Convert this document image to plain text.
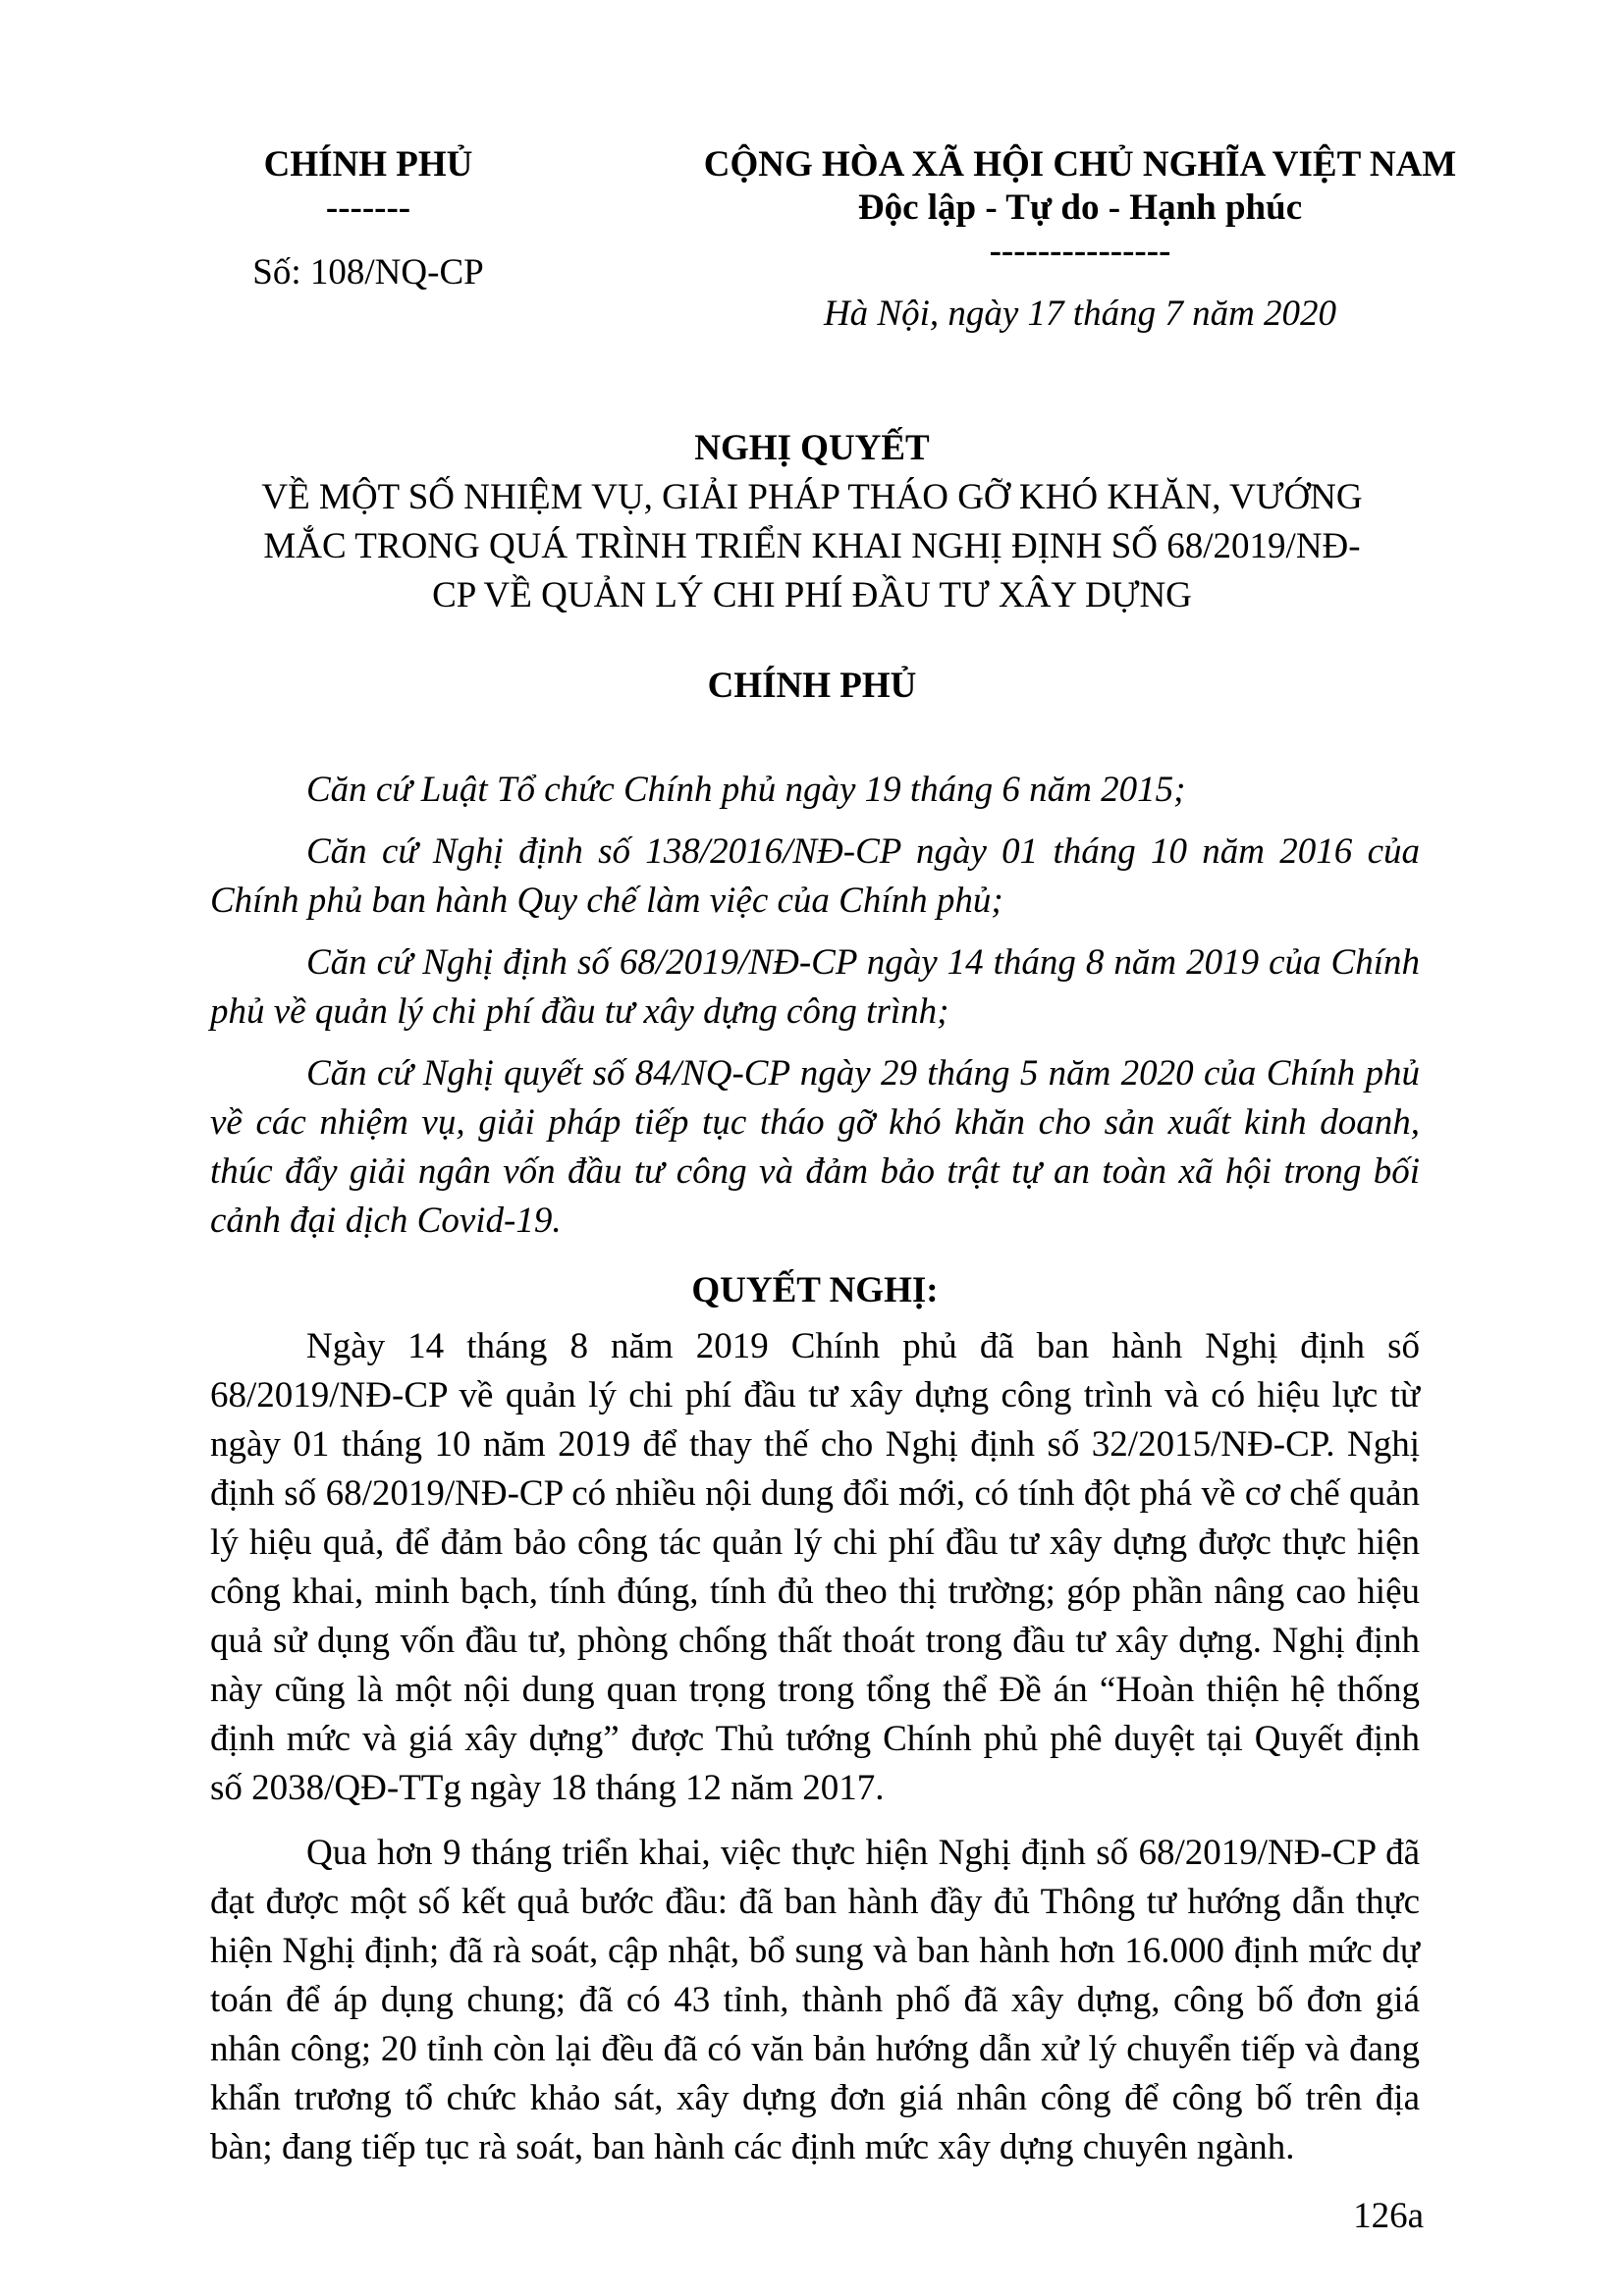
CHÍNH PHỦ
-------
Số: 108/NQ-CP
CỘNG HÒA XÃ HỘI CHỦ NGHĨA VIỆT NAM
Độc lập - Tự do - Hạnh phúc
---------------
Hà Nội, ngày 17 tháng 7 năm 2020
NGHỊ QUYẾT
VỀ MỘT SỐ NHIỆM VỤ, GIẢI PHÁP THÁO GỠ KHÓ KHĂN, VƯỚNG
MẮC TRONG QUÁ TRÌNH TRIỂN KHAI NGHỊ ĐỊNH SỐ 68/2019/NĐ-
CP VỀ QUẢN LÝ CHI PHÍ ĐẦU TƯ XÂY DỰNG
CHÍNH PHỦ

Căn cứ Luật Tổ chức Chính phủ ngày 19 tháng 6 năm 2015;

Căn cứ Nghị định số 138/2016/NĐ-CP ngày 01 tháng 10 năm 2016 của Chính phủ ban hành Quy chế làm việc của Chính phủ;

Căn cứ Nghị định số 68/2019/NĐ-CP ngày 14 tháng 8 năm 2019 của Chính phủ về quản lý chi phí đầu tư xây dựng công trình;

Căn cứ Nghị quyết số 84/NQ-CP ngày 29 tháng 5 năm 2020 của Chính phủ về các nhiệm vụ, giải pháp tiếp tục tháo gỡ khó khăn cho sản xuất kinh doanh, thúc đẩy giải ngân vốn đầu tư công và đảm bảo trật tự an toàn xã hội trong bối cảnh đại dịch Covid-19.

QUYẾT NGHỊ:

Ngày 14 tháng 8 năm 2019 Chính phủ đã ban hành Nghị định số 68/2019/NĐ-CP về quản lý chi phí đầu tư xây dựng công trình và có hiệu lực từ ngày 01 tháng 10 năm 2019 để thay thế cho Nghị định số 32/2015/NĐ-CP. Nghị định số 68/2019/NĐ-CP có nhiều nội dung đổi mới, có tính đột phá về cơ chế quản lý hiệu quả, để đảm bảo công tác quản lý chi phí đầu tư xây dựng được thực hiện công khai, minh bạch, tính đúng, tính đủ theo thị trường; góp phần nâng cao hiệu quả sử dụng vốn đầu tư, phòng chống thất thoát trong đầu tư xây dựng. Nghị định này cũng là một nội dung quan trọng trong tổng thể Đề án “Hoàn thiện hệ thống định mức và giá xây dựng” được Thủ tướng Chính phủ phê duyệt tại Quyết định số 2038/QĐ-TTg ngày 18 tháng 12 năm 2017.

Qua hơn 9 tháng triển khai, việc thực hiện Nghị định số 68/2019/NĐ-CP đã đạt được một số kết quả bước đầu: đã ban hành đầy đủ Thông tư hướng dẫn thực hiện Nghị định; đã rà soát, cập nhật, bổ sung và ban hành hơn 16.000 định mức dự toán để áp dụng chung; đã có 43 tỉnh, thành phố đã xây dựng, công bố đơn giá nhân công; 20 tỉnh còn lại đều đã có văn bản hướng dẫn xử lý chuyển tiếp và đang khẩn trương tổ chức khảo sát, xây dựng đơn giá nhân công để công bố trên địa bàn; đang tiếp tục rà soát, ban hành các định mức xây dựng chuyên ngành.

126a
